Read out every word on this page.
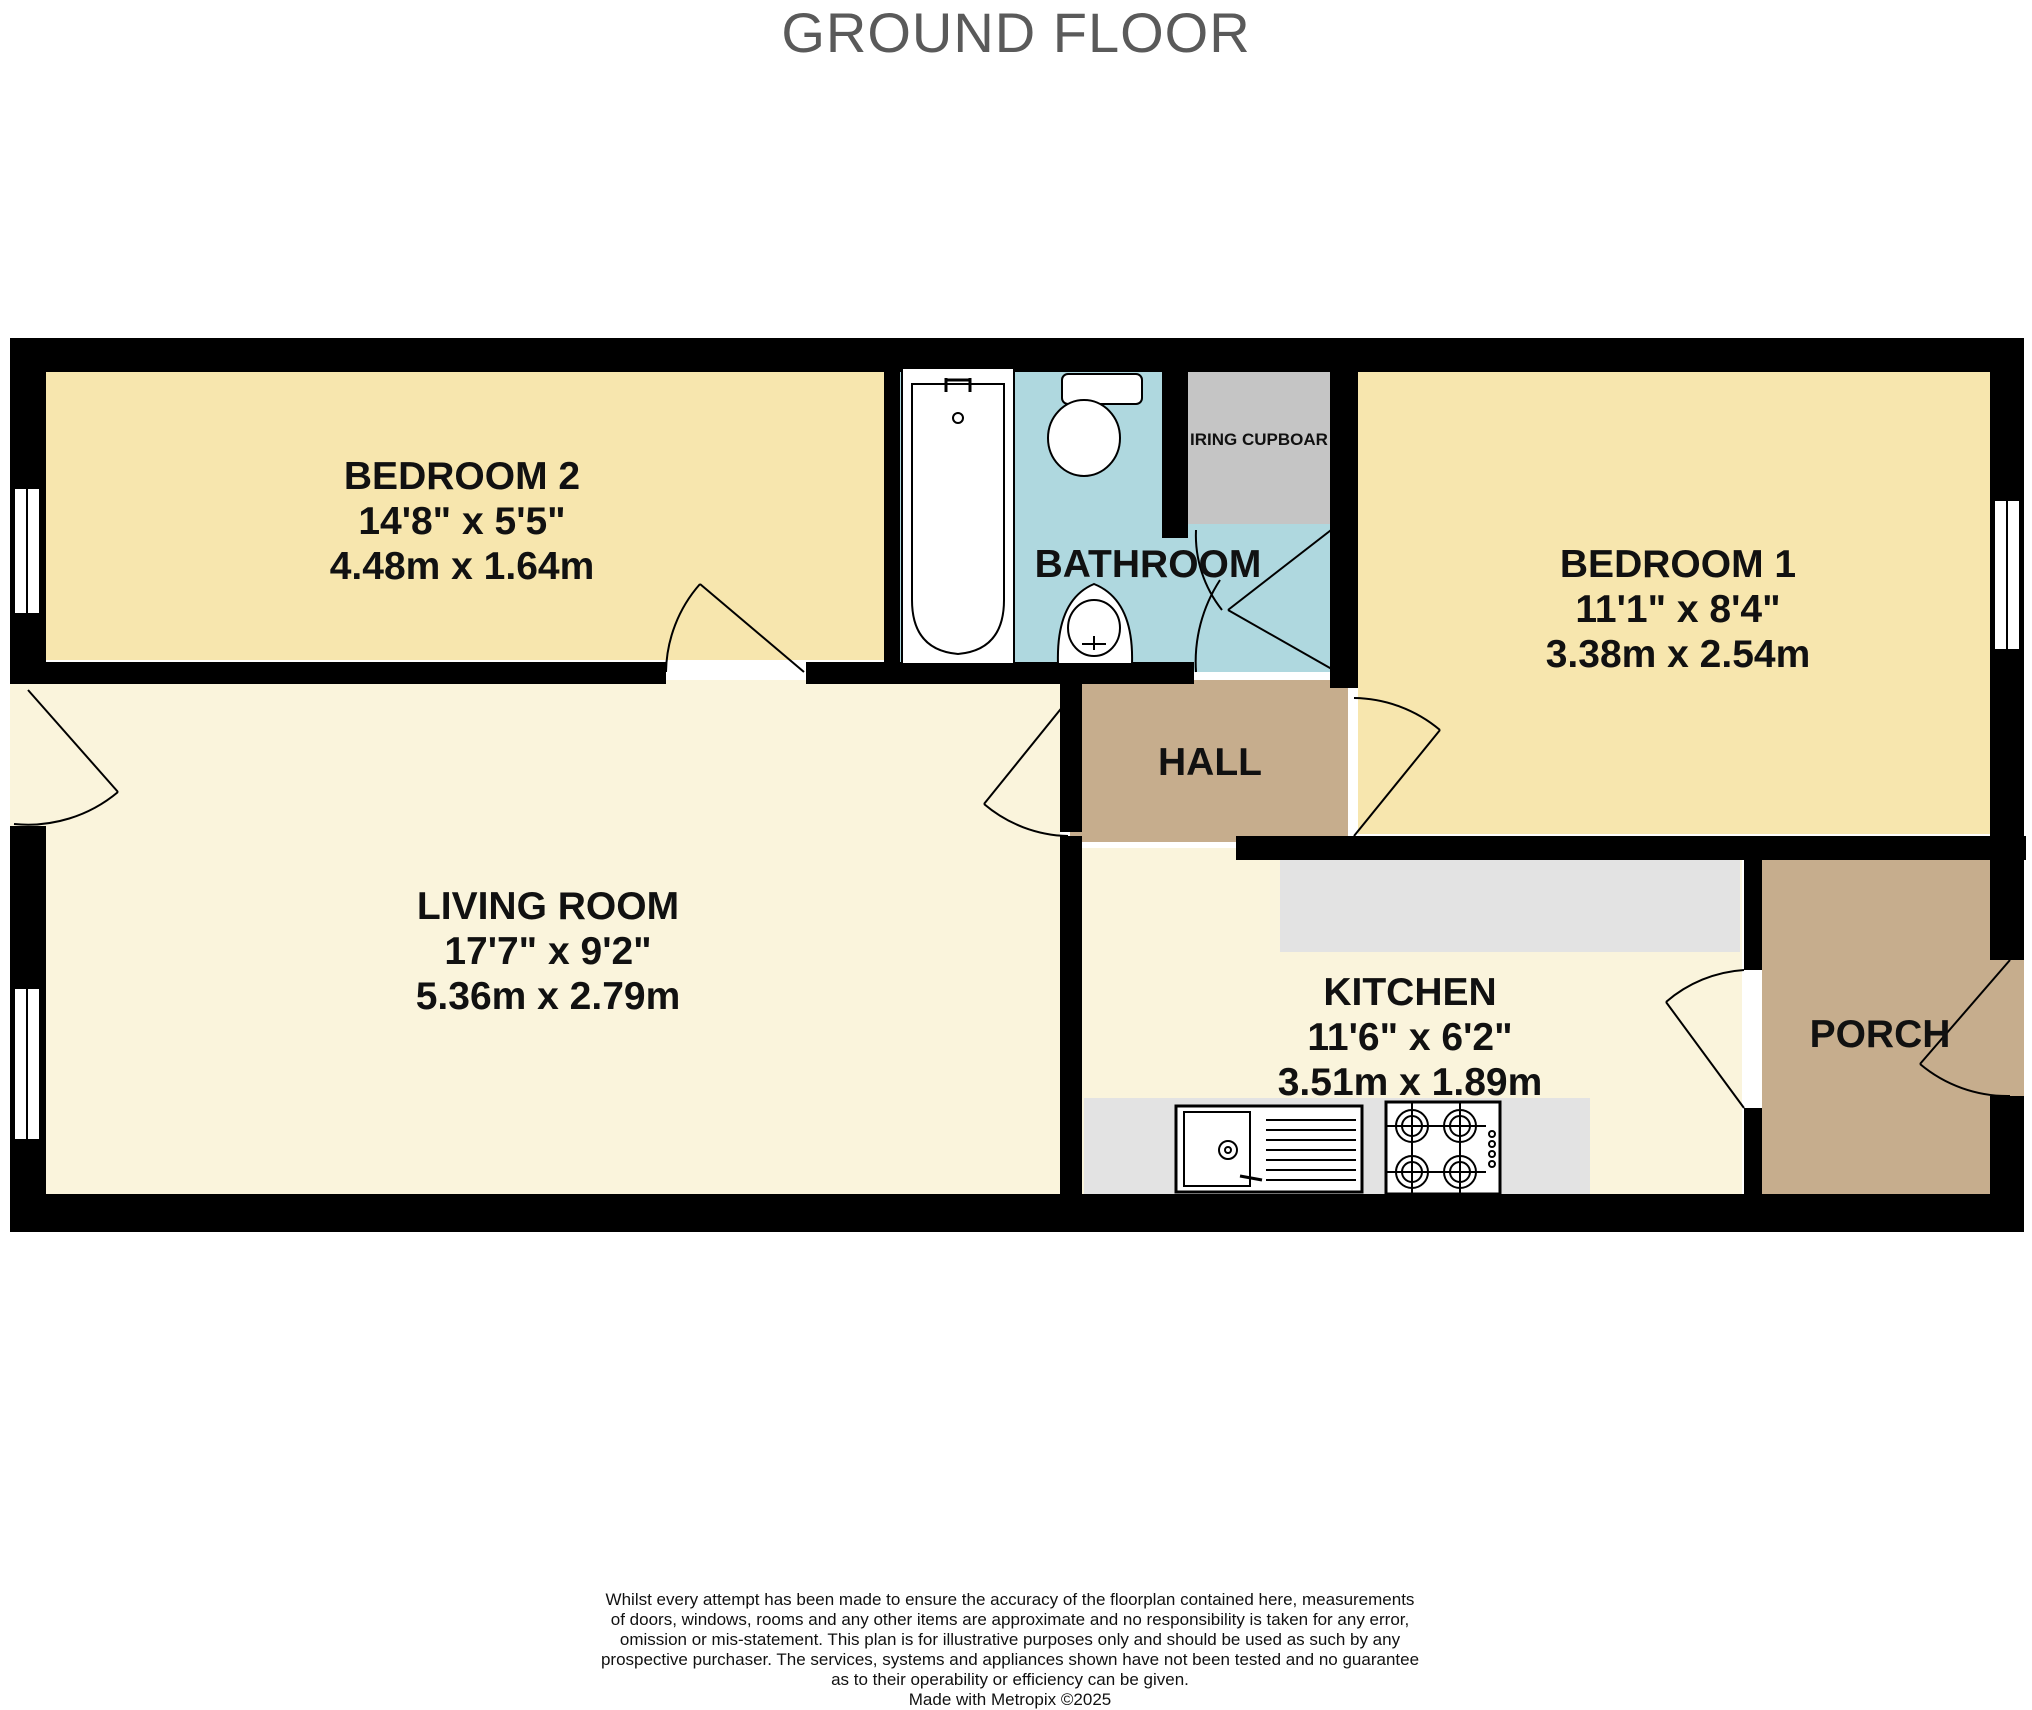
GROUND FLOOR
BEDROOM 2
14'8" x 5'5"
4.48m x 1.64m	BATHROOM
IRING CUPBOAR
BEDROOM 1
11'1" x 8'4"
3.38m x 2.54m
HALL
LIVING ROOM
17'7" x 9'2"
5.36m x 2.79m	KITCHEN
11'6" x 6'2"
3.51m x 1.89m
PORCH
Whilst every attempt has been made to ensure the accuracy of the floorplan contained here, measurements
of doors, windows, rooms and any other items are approximate and no responsibility is taken for any error,
omission or mis-statement. This plan is for illustrative purposes only and should be used as such by any
prospective purchaser. The services, systems and appliances shown have not been tested and no guarantee
as to their operability or efficiency can be given.
Made with Metropix ©2025
